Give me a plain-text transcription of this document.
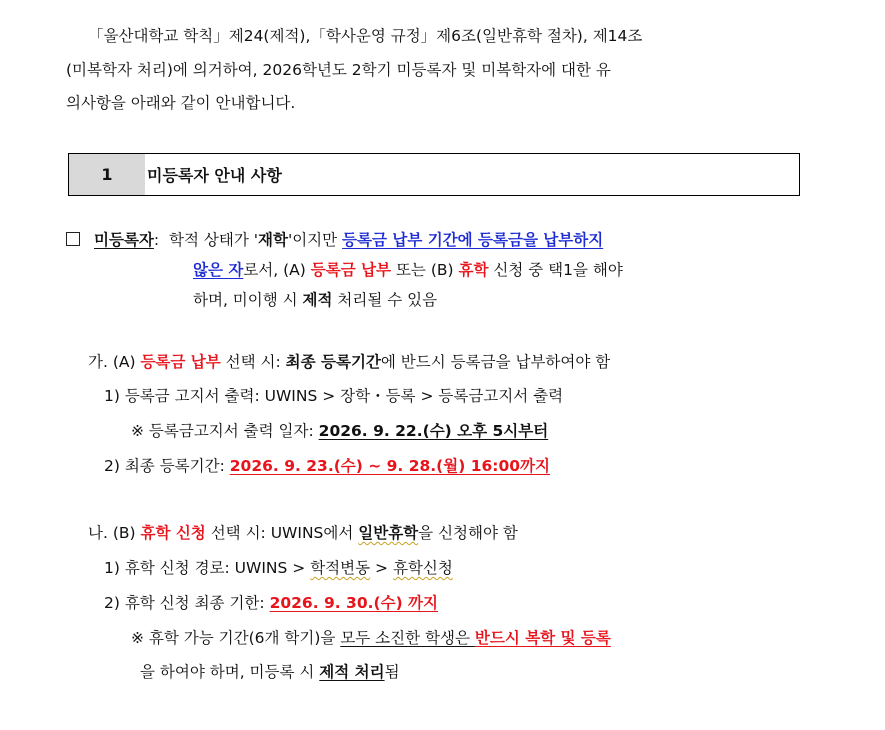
「울산대학교 학칙」제24(제적),「학사운영 규정」제6조(일반휴학 절차), 제14조
(미복학자 처리)에 의거하여, 2026학년도 2학기 미등록자 및 미복학자에 대한 유
의사항을 아래와 같이 안내합니다.
1	미등록자 안내 사항
미등록자: 학적 상태가 '재학'이지만 등록금 납부 기간에 등록금을 납부하지
않은 자로서, (A) 등록금 납부 또는 (B) 휴학 신청 중 택1을 해야
하며, 미이행 시 제적 처리될 수 있음
가. (A) 등록금 납부 선택 시: 최종 등록기간에 반드시 등록금을 납부하여야 함
1) 등록금 고지서 출력: UWINS > 장학・등록 > 등록금고지서 출력
※ 등록금고지서 출력 일자: 2026. 9. 22.(수) 오후 5시부터
2) 최종 등록기간: 2026. 9. 23.(수) ~ 9. 28.(월) 16:00까지
나. (B) 휴학 신청 선택 시: UWINS에서 일반휴학을 신청해야 함
1) 휴학 신청 경로: UWINS > 학적변동 > 휴학신청
2) 휴학 신청 최종 기한: 2026. 9. 30.(수) 까지
※ 휴학 가능 기간(6개 학기)을 모두 소진한 학생은 반드시 복학 및 등록
을 하여야 하며, 미등록 시 제적 처리됨
